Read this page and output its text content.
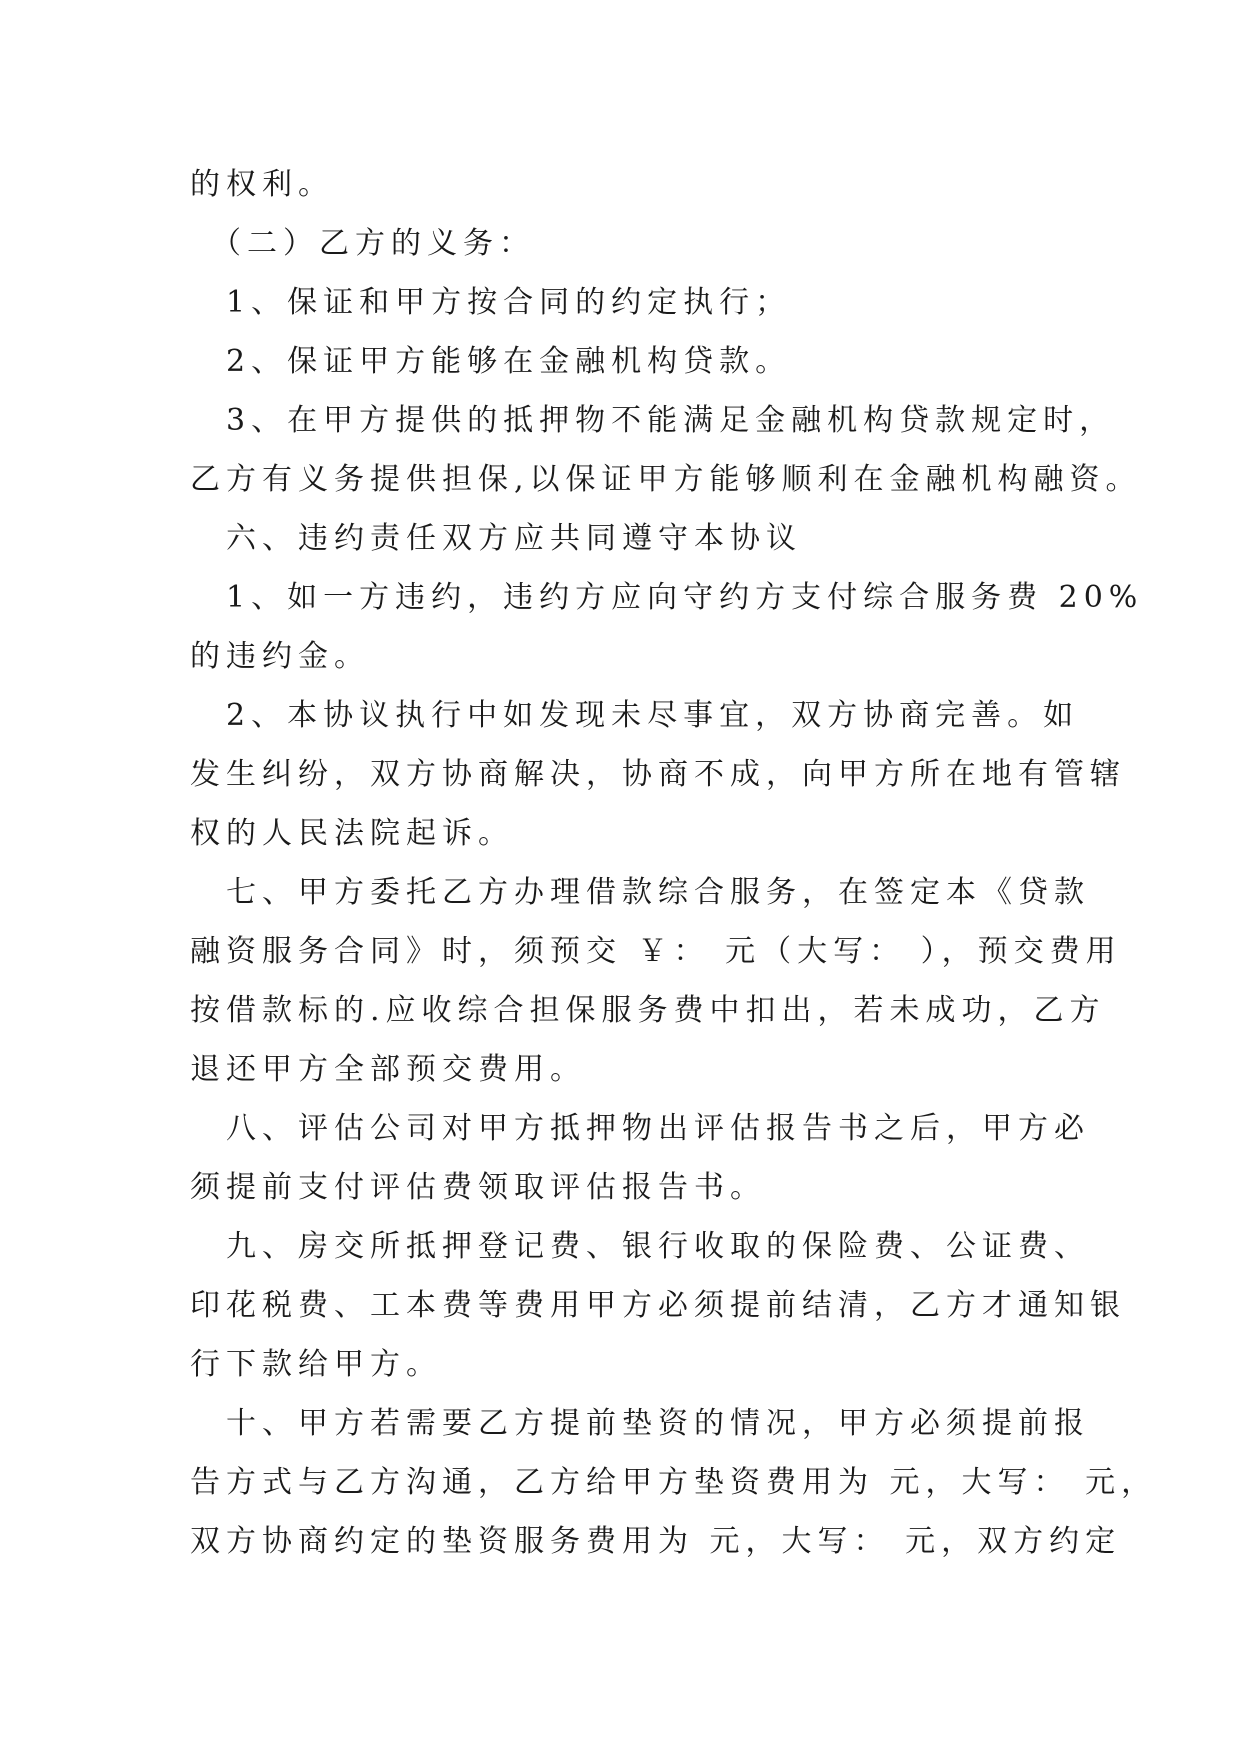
的权利。
　（二）乙方的义务：
　1、保证和甲方按合同的约定执行；
　2、保证甲方能够在金融机构贷款。
　3、在甲方提供的抵押物不能满足金融机构贷款规定时，
乙方有义务提供担保,以保证甲方能够顺利在金融机构融资。
　六、违约责任双方应共同遵守本协议
　1、如一方违约，违约方应向守约方支付综合服务费 20%
的违约金。
　2、本协议执行中如发现未尽事宜，双方协商完善。如
发生纠纷，双方协商解决，协商不成，向甲方所在地有管辖
权的人民法院起诉。
　七、甲方委托乙方办理借款综合服务，在签定本《贷款
融资服务合同》时，须预交 ￥： 元（大写： ），预交费用
按借款标的.应收综合担保服务费中扣出，若未成功，乙方
退还甲方全部预交费用。
　八、评估公司对甲方抵押物出评估报告书之后，甲方必
须提前支付评估费领取评估报告书。
　九、房交所抵押登记费、银行收取的保险费、公证费、
印花税费、工本费等费用甲方必须提前结清，乙方才通知银
行下款给甲方。
　十、甲方若需要乙方提前垫资的情况，甲方必须提前报
告方式与乙方沟通，乙方给甲方垫资费用为 元，大写： 元，
双方协商约定的垫资服务费用为 元，大写： 元，双方约定
